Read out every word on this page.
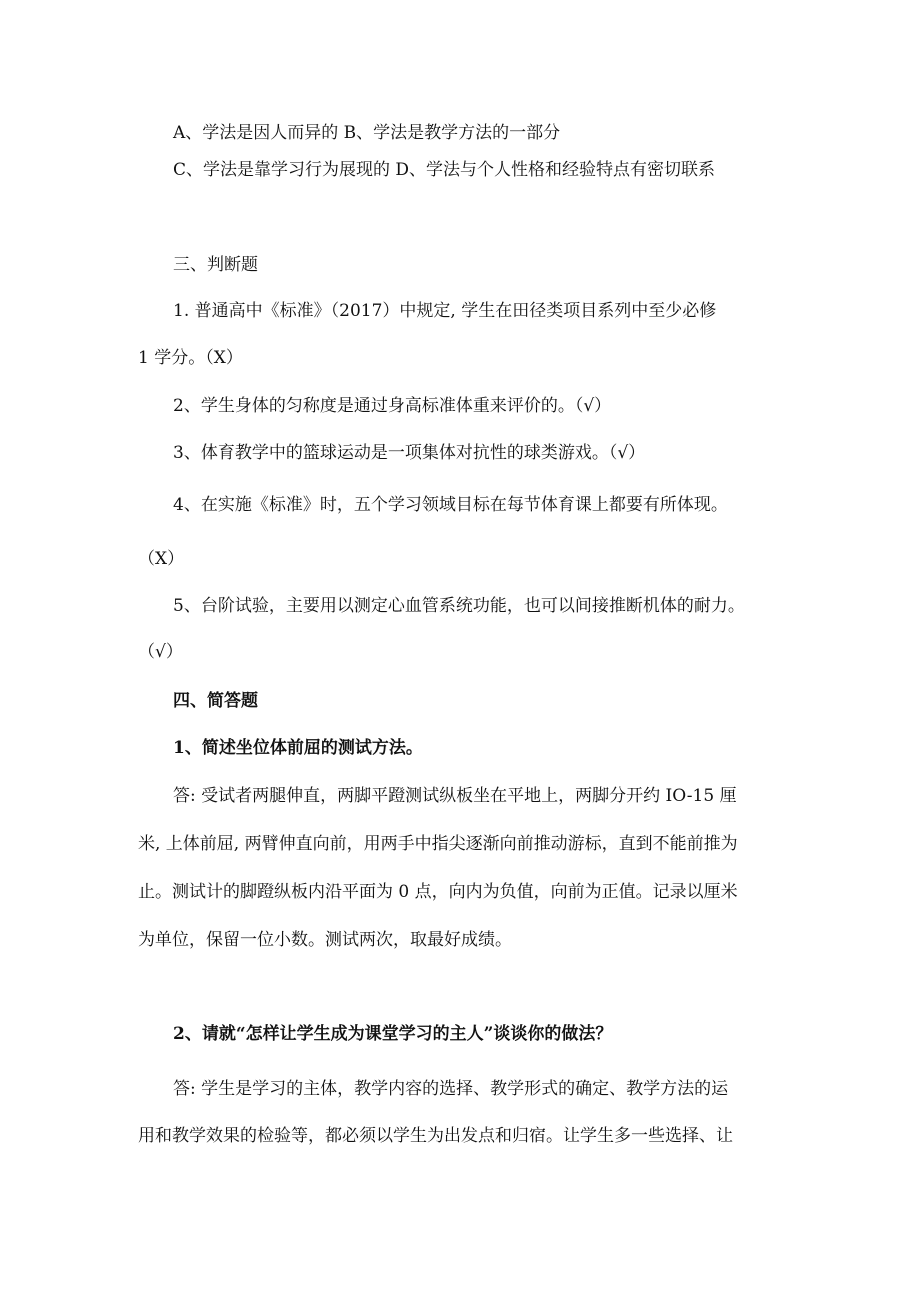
A、学法是因人而异的 B、学法是教学方法的一部分
C、学法是靠学习行为展现的 D、学法与个人性格和经验特点有密切联系
三、判断题
1. 普通高中《标准》（2017）中规定, 学生在田径类项目系列中至少必修
1 学分。（X）
2、学生身体的匀称度是通过身高标准体重来评价的。（√）
3、体育教学中的篮球运动是一项集体对抗性的球类游戏。（√）
4、在实施《标准》时，五个学习领域目标在每节体育课上都要有所体现。
（X）
5、台阶试验，主要用以测定心血管系统功能，也可以间接推断机体的耐力。
（√）
四、简答题
1、简述坐位体前屈的测试方法。
答: 受试者两腿伸直，两脚平蹬测试纵板坐在平地上，两脚分开约 IO-15 厘
米, 上体前屈, 两臂伸直向前，用两手中指尖逐渐向前推动游标，直到不能前推为
止。测试计的脚蹬纵板内沿平面为 0 点，向内为负值，向前为正值。记录以厘米
为单位，保留一位小数。测试两次，取最好成绩。
2、请就“怎样让学生成为课堂学习的主人”谈谈你的做法？
答: 学生是学习的主体，教学内容的选择、教学形式的确定、教学方法的运
用和教学效果的检验等，都必须以学生为出发点和归宿。让学生多一些选择、让
